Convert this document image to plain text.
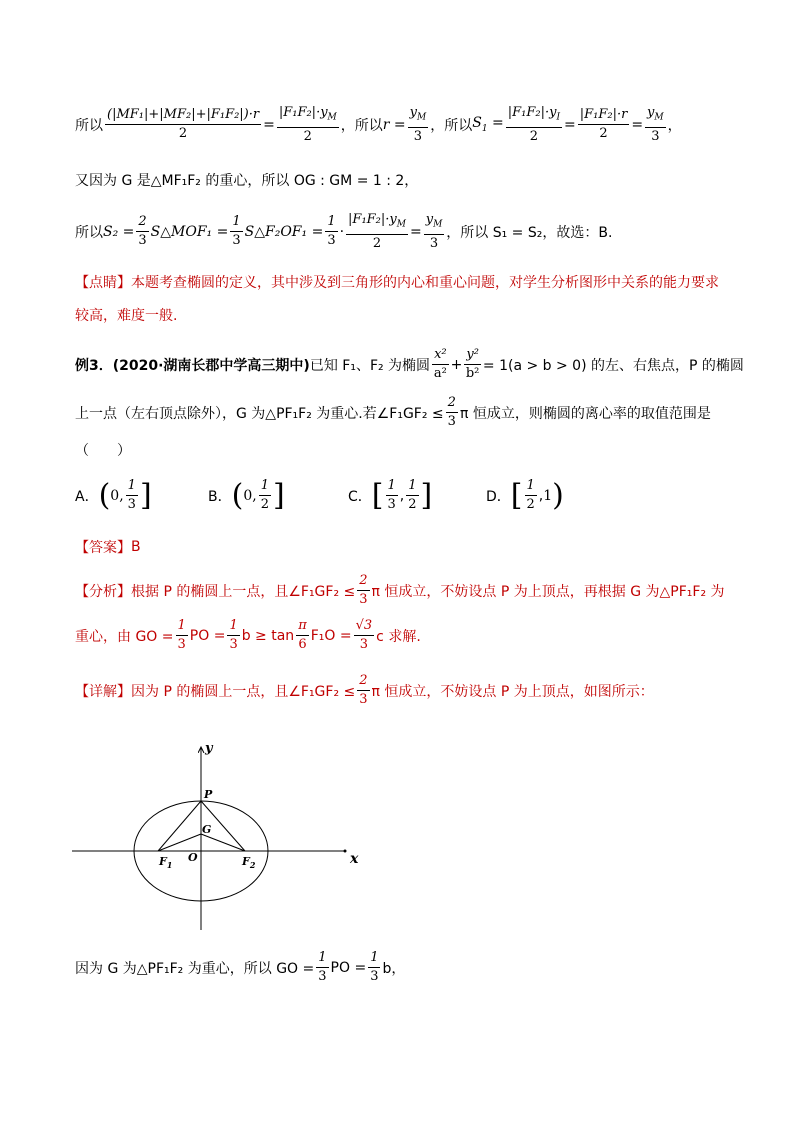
所以 $\frac{\text{(|MF₁|+|MF₂|+|F₁F₂|)·r}}{2} = \frac{|F_1F_2|\cdot y_M}{2}$ ，所以 $r = \frac{y_M}{3}$ ，所以 $S_1 = \frac{|F_1F_2|\cdot y_I}{2} = \frac{\text{|F₁F₂|·r}}{2} = \frac{y_M}{3}$ ，
又因为 G 是△MF₁F₂ 的重心，所以 OG : GM = 1 : 2，
所以 $S_2 = \frac{2}{3}$ S△MOF₁ = $\frac{1}{3}$ S△F₂OF₁ = $\frac{1}{3} \cdot \frac{|F_1F_2|\cdot y_M}{2} = \frac{y_M}{3}$ ，所以 S₁ = S₂，故选：B.
【点睛】 本题考查椭圆的定义，其中涉及到三角形的内心和重心问题，对学生分析图形中关系的能力要求
较高，难度一般.
例3．(2020·湖南长郡中学高三期中) 已知 F₁、F₂ 为椭圆 $\frac{\text{x²}}{\text{a²}} + \frac{\text{y²}}{\text{b²}} = 1(a > b > 0)$ 的左、右焦点，P 的椭圆
上一点（左右顶点除外），G 为△PF₁F₂ 为重心.若∠F₁GF₂ ≤ $\frac{2}{3}$ π 恒成立，则椭圆的离心率的取值范围是
（　　）
A． ( 0, $\frac{1}{3}$ ]	B． ( 0, $\frac{1}{2}$ ]	C． [ $\frac{1}{3}$ , $\frac{1}{2}$ ]	D． [ $\frac{1}{2}$ , 1 )
【答案】 B
【分析】 根据 P 的椭圆上一点，且∠F₁GF₂ ≤ $\frac{2}{3}$ π 恒成立，不妨设点 P 为上顶点，再根据 G 为△PF₁F₂ 为
重心，由 GO = $\frac{1}{3}$ PO = $\frac{1}{3}$ $b \ge \tan \frac{\pi}{6} F_1O = \frac{√3}{3}$ c 求解.
【详解】 因为 P 的椭圆上一点，且∠F₁GF₂ ≤ $\frac{2}{3}$ π 恒成立，不妨设点 P 为上顶点，如图所示：
y
x
P
G
O
$F_1$	$F_2$
因为 G 为△PF₁F₂ 为重心，所以 GO = $\frac{1}{3}$ PO = $\frac{1}{3}$ b，
